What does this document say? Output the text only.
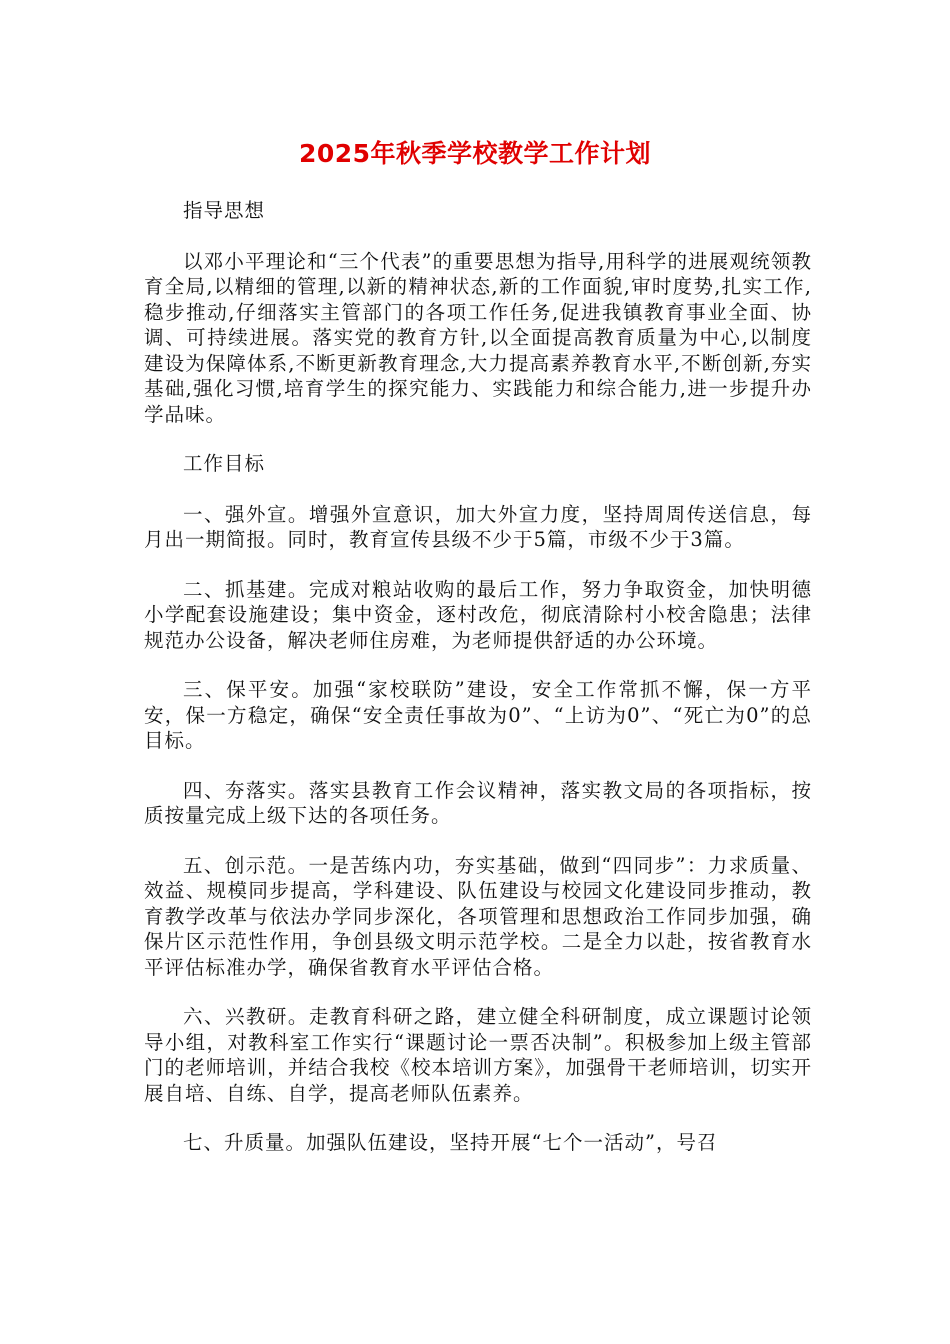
2025年秋季学校教学工作计划

指导思想

以邓小平理论和“三个代表”的重要思想为指导,用科学的进展观统领教育全局,以精细的管理,以新的精神状态,新的工作面貌,审时度势,扎实工作,稳步推动,仔细落实主管部门的各项工作任务,促进我镇教育事业全面、协调、可持续进展。落实党的教育方针,以全面提高教育质量为中心,以制度建设为保障体系,不断更新教育理念,大力提高素养教育水平,不断创新,夯实基础,强化习惯,培育学生的探究能力、实践能力和综合能力,进一步提升办学品味。

工作目标

一、强外宣。增强外宣意识，加大外宣力度，坚持周周传送信息，每月出一期简报。同时，教育宣传县级不少于5篇，市级不少于3篇。

二、抓基建。完成对粮站收购的最后工作，努力争取资金，加快明德小学配套设施建设；集中资金，逐村改危，彻底清除村小校舍隐患；法律规范办公设备，解决老师住房难，为老师提供舒适的办公环境。

三、保平安。加强“家校联防”建设，安全工作常抓不懈，保一方平安，保一方稳定，确保“安全责任事故为0”、“上访为0”、“死亡为0”的总目标。

四、夯落实。落实县教育工作会议精神，落实教文局的各项指标，按质按量完成上级下达的各项任务。

五、创示范。一是苦练内功，夯实基础，做到“四同步”：力求质量、效益、规模同步提高，学科建设、队伍建设与校园文化建设同步推动，教育教学改革与依法办学同步深化，各项管理和思想政治工作同步加强，确保片区示范性作用，争创县级文明示范学校。二是全力以赴，按省教育水平评估标准办学，确保省教育水平评估合格。

六、兴教研。走教育科研之路，建立健全科研制度，成立课题讨论领导小组，对教科室工作实行“课题讨论一票否决制”。积极参加上级主管部门的老师培训，并结合我校《校本培训方案》，加强骨干老师培训，切实开展自培、自练、自学，提高老师队伍素养。

七、升质量。加强队伍建设，坚持开展“七个一活动”，号召
